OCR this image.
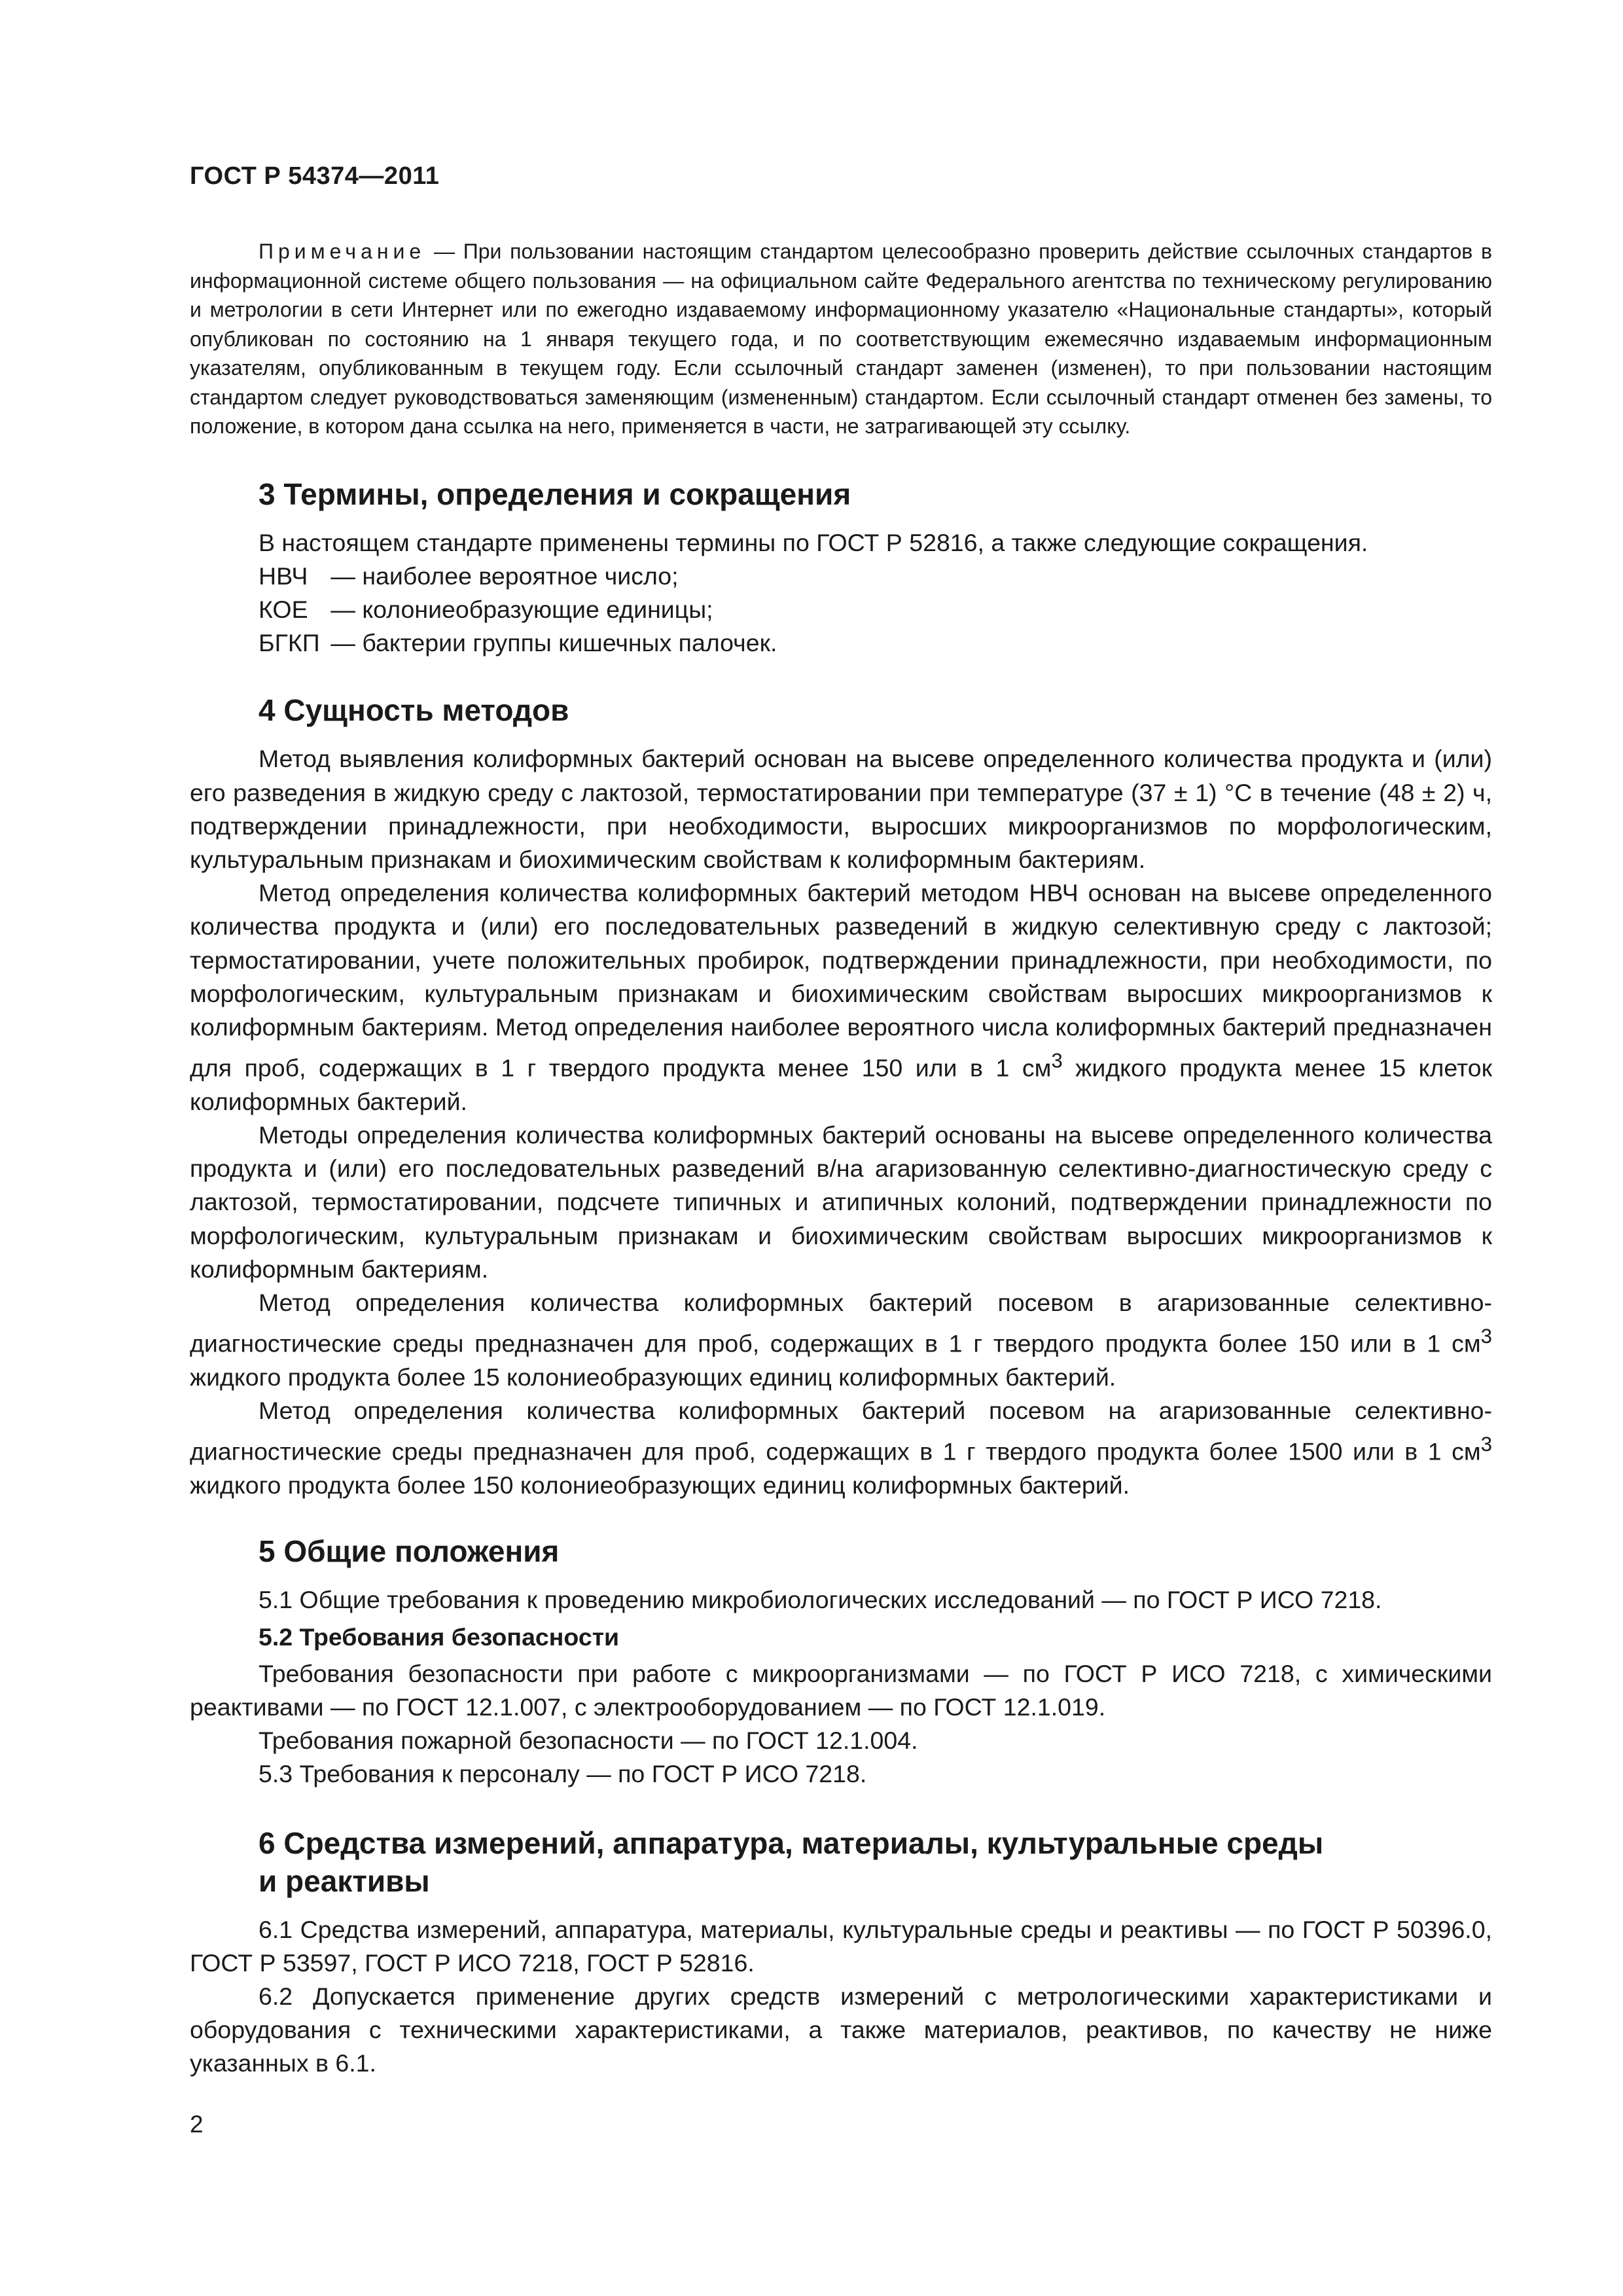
ГОСТ Р 54374—2011

Примечание — При пользовании настоящим стандартом целесообразно проверить действие ссылочных стандартов в информационной системе общего пользования — на официальном сайте Федерального агентства по техническому регулированию и метрологии в сети Интернет или по ежегодно издаваемому информационному указателю «Национальные стандарты», который опубликован по состоянию на 1 января текущего года, и по соответствующим ежемесячно издаваемым информационным указателям, опубликованным в текущем году. Если ссылочный стандарт заменен (изменен), то при пользовании настоящим стандартом следует руководствоваться заменяющим (измененным) стандартом. Если ссылочный стандарт отменен без замены, то положение, в котором дана ссылка на него, применяется в части, не затрагивающей эту ссылку.

3 Термины, определения и сокращения

В настоящем стандарте применены термины по ГОСТ Р 52816, а также следующие сокращения.

НВЧ — наиболее вероятное число;

КОЕ — колониеобразующие единицы;

БГКП — бактерии группы кишечных палочек.

4 Сущность методов

Метод выявления колиформных бактерий основан на высеве определенного количества продукта и (или) его разведения в жидкую среду с лактозой, термостатировании при температуре (37 ± 1) °С в течение (48 ± 2) ч, подтверждении принадлежности, при необходимости, выросших микроорганизмов по морфологическим, культуральным признакам и биохимическим свойствам к колиформным бактериям.

Метод определения количества колиформных бактерий методом НВЧ основан на высеве определенного количества продукта и (или) его последовательных разведений в жидкую селективную среду с лактозой; термостатировании, учете положительных пробирок, подтверждении принадлежности, при необходимости, по морфологическим, культуральным признакам и биохимическим свойствам выросших микроорганизмов к колиформным бактериям. Метод определения наиболее вероятного числа колиформных бактерий предназначен для проб, содержащих в 1 г твердого продукта менее 150 или в 1 $см^3$ жидкого продукта менее 15 клеток колиформных бактерий.

Методы определения количества колиформных бактерий основаны на высеве определенного количества продукта и (или) его последовательных разведений в/на агаризованную селективно-диагностическую среду с лактозой, термостатировании, подсчете типичных и атипичных колоний, подтверждении принадлежности по морфологическим, культуральным признакам и биохимическим свойствам выросших микроорганизмов к колиформным бактериям.

Метод определения количества колиформных бактерий посевом в агаризованные селективно-диагностические среды предназначен для проб, содержащих в 1 г твердого продукта более 150 или в 1 $см^3$ жидкого продукта более 15 колониеобразующих единиц колиформных бактерий.

Метод определения количества колиформных бактерий посевом на агаризованные селективно-диагностические среды предназначен для проб, содержащих в 1 г твердого продукта более 1500 или в 1 $см^3$ жидкого продукта более 150 колониеобразующих единиц колиформных бактерий.

5 Общие положения

5.1 Общие требования к проведению микробиологических исследований — по ГОСТ Р ИСО 7218.

5.2 Требования безопасности

Требования безопасности при работе с микроорганизмами — по ГОСТ Р ИСО 7218, с химическими реактивами — по ГОСТ 12.1.007, с электрооборудованием — по ГОСТ 12.1.019.

Требования пожарной безопасности — по ГОСТ 12.1.004.

5.3 Требования к персоналу — по ГОСТ Р ИСО 7218.

6 Средства измерений, аппаратура, материалы, культуральные среды
и реактивы

6.1 Средства измерений, аппаратура, материалы, культуральные среды и реактивы — по ГОСТ Р 50396.0, ГОСТ Р 53597, ГОСТ Р ИСО 7218, ГОСТ Р 52816.

6.2 Допускается применение других средств измерений с метрологическими характеристиками и оборудования с техническими характеристиками, а также материалов, реактивов, по качеству не ниже указанных в 6.1.

2
